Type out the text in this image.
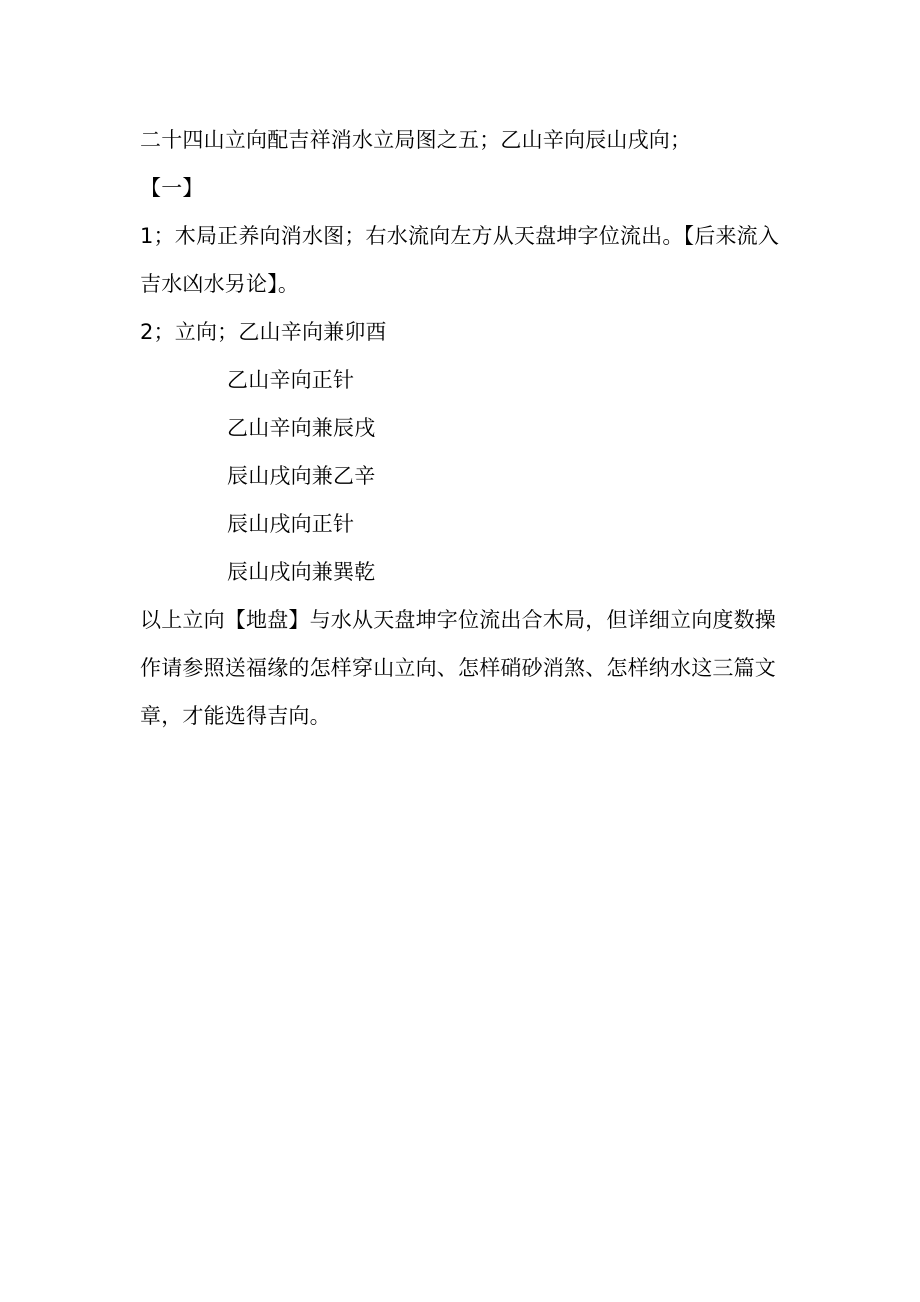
二十四山立向配吉祥消水立局图之五；乙山辛向辰山戌向；
【一】
1；木局正养向消水图；右水流向左方从天盘坤字位流出。【后来流入
吉水凶水另论】。
2；立向；乙山辛向兼卯酉
乙山辛向正针
乙山辛向兼辰戌
辰山戌向兼乙辛
辰山戌向正针
辰山戌向兼巽乾
以上立向【地盘】与水从天盘坤字位流出合木局，但详细立向度数操
作请参照送福缘的怎样穿山立向、怎样硝砂消煞、怎样纳水这三篇文
章，才能选得吉向。
